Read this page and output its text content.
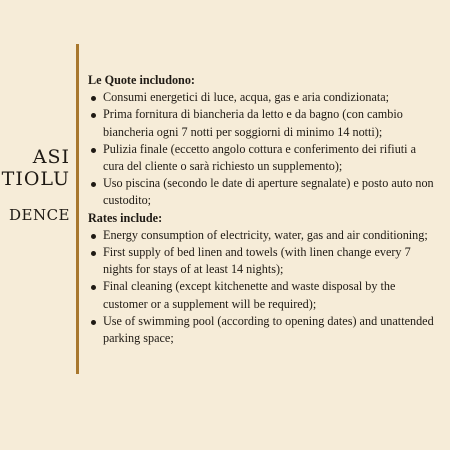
ASI
TIOLU
DENCE

Le Quote includono:

Consumi energetici di luce, acqua, gas e aria condizionata;
Prima fornitura di biancheria da letto e da bagno (con cambio biancheria ogni 7 notti per soggiorni di minimo 14 notti);
Pulizia finale (eccetto angolo cottura e conferimento dei rifiuti a cura del cliente o sarà richiesto un supplemento);
Uso piscina (secondo le date di aperture segnalate) e posto auto non custodito;

Rates include:

Energy consumption of electricity, water, gas and air conditioning;
First supply of bed linen and towels (with linen change every 7 nights for stays of at least 14 nights);
Final cleaning (except kitchenette and waste disposal by the customer or a supplement will be required);
Use of swimming pool (according to opening dates) and unattended parking space;
